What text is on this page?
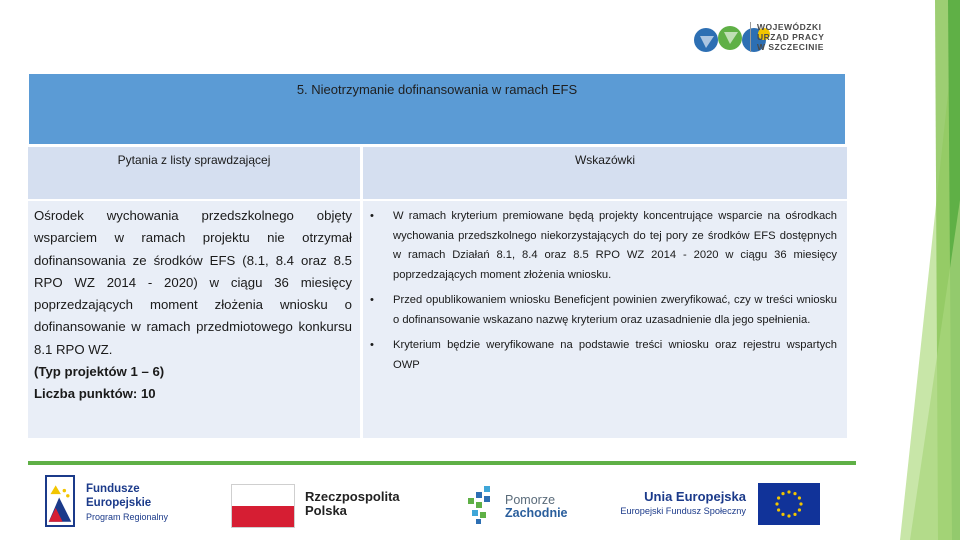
WOJEWÓDZKI
URZĄD PRACY
W SZCZECINIE
5. Nieotrzymanie dofinansowania w ramach EFS
Pytania z listy sprawdzającej	Wskazówki
Ośrodek wychowania przedszkolnego objęty wsparciem w ramach projektu nie otrzymał dofinansowania ze środków EFS (8.1, 8.4 oraz 8.5 RPO WZ 2014 - 2020) w ciągu 36 miesięcy poprzedzających moment złożenia wniosku o dofinansowanie w ramach przedmiotowego konkursu 8.1 RPO WZ.
(Typ projektów 1 – 6)
Liczba punktów: 10
• W ramach kryterium premiowane będą projekty koncentrujące wsparcie na ośrodkach wychowania przedszkolnego niekorzystających do tej pory ze środków EFS dostępnych w ramach Działań 8.1, 8.4 oraz 8.5 RPO WZ 2014 - 2020 w ciągu 36 miesięcy poprzedzających moment złożenia wniosku.
• Przed opublikowaniem wniosku Beneficjent powinien zweryfikować, czy w treści wniosku o dofinansowanie wskazano nazwę kryterium oraz uzasadnienie dla jego spełnienia.
• Kryterium będzie weryfikowane na podstawie treści wniosku oraz rejestru wspartych OWP
Fundusze
Europejskie
Program Regionalny
Rzeczpospolita
Polska
Pomorze
Zachodnie
Unia Europejska
Europejski Fundusz Społeczny
